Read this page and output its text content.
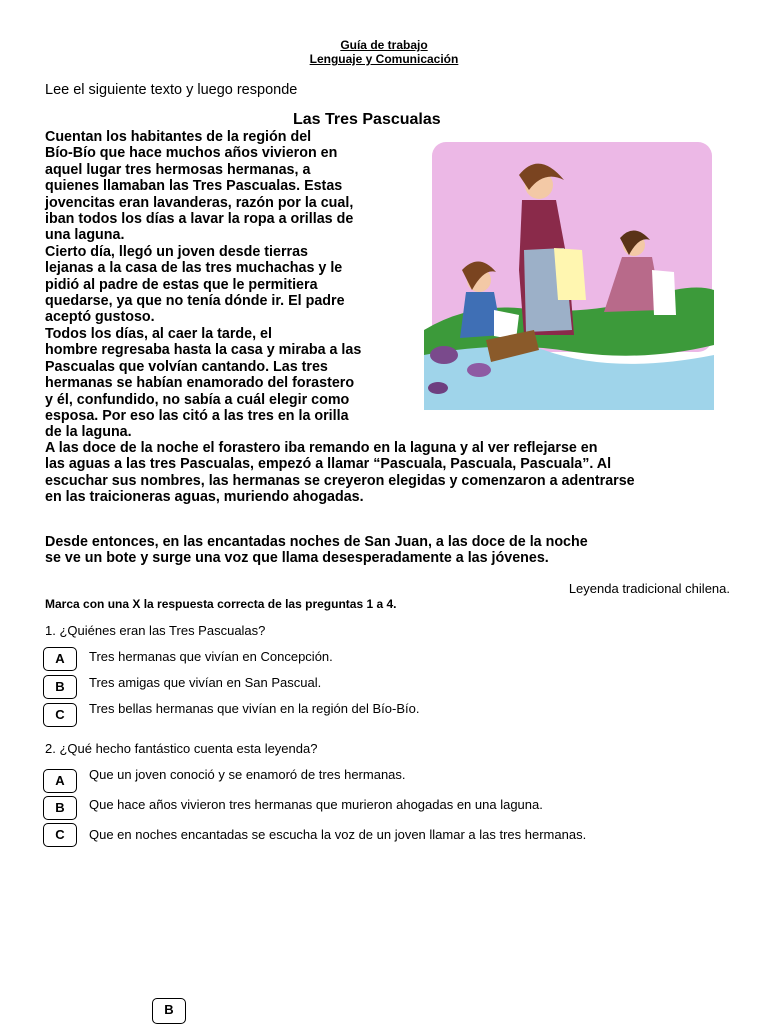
Guía de trabajo
Lenguaje y Comunicación
Lee el siguiente texto y luego responde
Las Tres Pascualas
Cuentan los habitantes de la región del
Bío-Bío que hace muchos años vivieron en
aquel lugar tres hermosas hermanas, a
quienes llamaban las Tres Pascualas. Estas
jovencitas eran lavanderas, razón por la cual,
iban todos los días a lavar la ropa a orillas de
una laguna.
Cierto día, llegó un joven desde tierras
lejanas a la casa de las tres muchachas y le
pidió al padre de estas que le permitiera
quedarse, ya que no tenía dónde ir. El padre
aceptó gustoso.
Todos los días, al caer la tarde, el
hombre regresaba hasta la casa y miraba a las
Pascualas que volvían cantando. Las tres
hermanas se habían enamorado del forastero
y él, confundido, no sabía a cuál elegir como
esposa. Por eso las citó a las tres en la orilla
de la laguna.
A las doce de la noche el forastero iba remando en la laguna y al ver reflejarse en
las aguas a las tres Pascualas, empezó a llamar “Pascuala, Pascuala, Pascuala”. Al
escuchar sus nombres, las hermanas se creyeron elegidas y comenzaron a adentrarse
en las traicioneras aguas, muriendo ahogadas.
Desde entonces, en las encantadas noches de San Juan, a las doce de la noche
se ve un bote y surge una voz que llama desesperadamente a las jóvenes.
Leyenda tradicional chilena.
Marca con una X la respuesta correcta de las preguntas 1 a 4.
1. ¿Quiénes eran las Tres Pascualas?
A	Tres hermanas que vivían en Concepción.
B	Tres amigas que vivían en San Pascual.
C	Tres bellas hermanas que vivían en la región del Bío-Bío.
2. ¿Qué hecho fantástico cuenta esta leyenda?
A	Que un joven conoció y se enamoró de tres hermanas.
B	Que hace años vivieron tres hermanas que murieron ahogadas en una laguna.
C	Que en noches encantadas se escucha la voz de un joven llamar a las tres hermanas.
B
